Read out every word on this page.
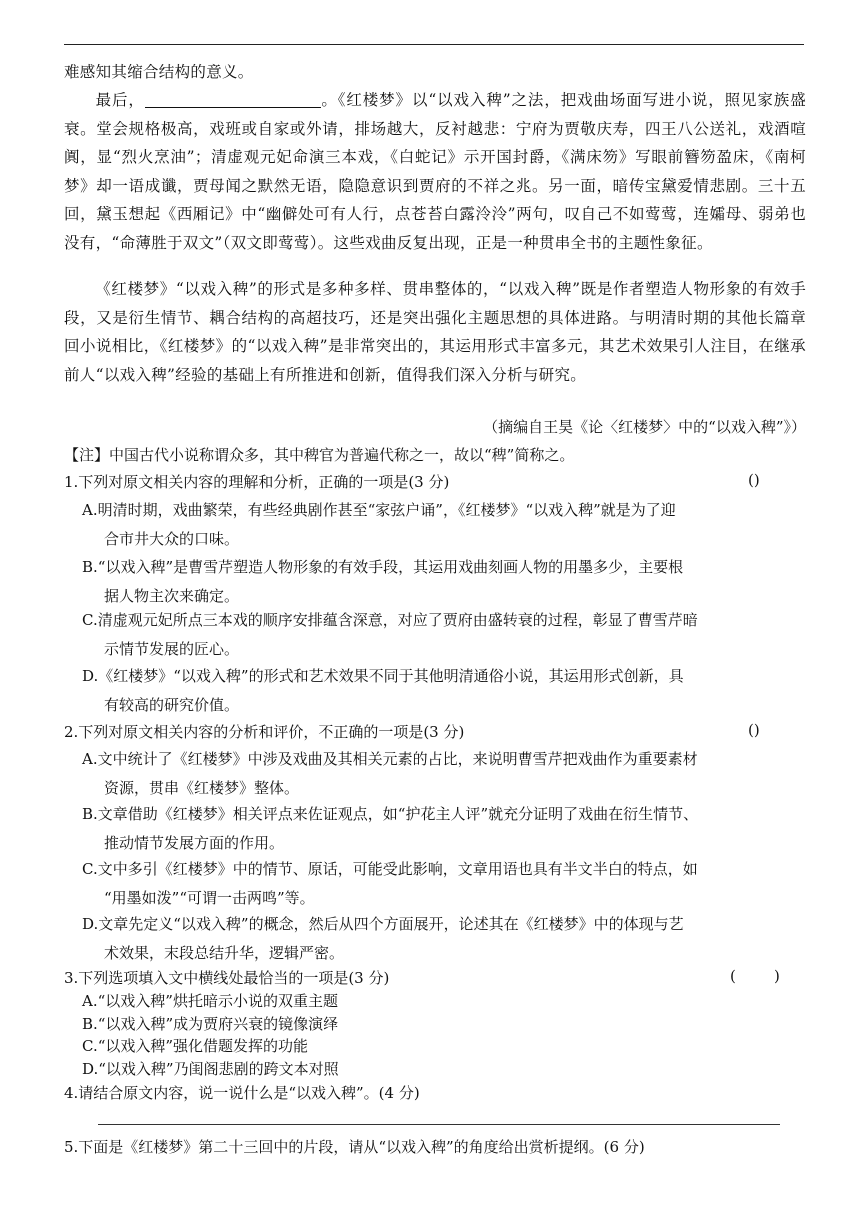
难感知其缩合结构的意义。
最后，	。《红楼梦》以“以戏入稗”之法，把戏曲场面写进小说，照见家族盛衰。堂会规格极高，戏班或自家或外请，排场越大，反衬越悲：宁府为贾敬庆寿，四王八公送礼，戏酒喧阗，显“烈火烹油”；清虚观元妃命演三本戏，《白蛇记》示开国封爵，《满床笏》写眼前簪笏盈床，《南柯梦》却一语成谶，贾母闻之默然无语，隐隐意识到贾府的不祥之兆。另一面，暗传宝黛爱情悲剧。三十五回，黛玉想起《西厢记》中“幽僻处可有人行，点苍苔白露泠泠”两句，叹自己不如莺莺，连孀母、弱弟也没有，“命薄胜于双文”（双文即莺莺）。这些戏曲反复出现，正是一种贯串全书的主题性象征。
《红楼梦》“以戏入稗”的形式是多种多样、贯串整体的，“以戏入稗”既是作者塑造人物形象的有效手段，又是衍生情节、耦合结构的高超技巧，还是突出强化主题思想的具体进路。与明清时期的其他长篇章回小说相比，《红楼梦》的“以戏入稗”是非常突出的，其运用形式丰富多元，其艺术效果引人注目，在继承前人“以戏入稗”经验的基础上有所推进和创新，值得我们深入分析与研究。
（摘编自王昊《论〈红楼梦〉中的“以戏入稗”》）
【注】中国古代小说称谓众多，其中稗官为普遍代称之一，故以“稗”简称之。
1.下列对原文相关内容的理解和分析，正确的一项是(3 分)	()
A.明清时期，戏曲繁荣，有些经典剧作甚至“家弦户诵”，《红楼梦》“以戏入稗”就是为了迎
合市井大众的口味。
B.“以戏入稗”是曹雪芹塑造人物形象的有效手段，其运用戏曲刻画人物的用墨多少，主要根
据人物主次来确定。
C.清虚观元妃所点三本戏的顺序安排蕴含深意，对应了贾府由盛转衰的过程，彰显了曹雪芹暗
示情节发展的匠心。
D.《红楼梦》“以戏入稗”的形式和艺术效果不同于其他明清通俗小说，其运用形式创新，具
有较高的研究价值。
2.下列对原文相关内容的分析和评价，不正确的一项是(3 分)	()
A.文中统计了《红楼梦》中涉及戏曲及其相关元素的占比，来说明曹雪芹把戏曲作为重要素材
资源，贯串《红楼梦》整体。
B.文章借助《红楼梦》相关评点来佐证观点，如“护花主人评”就充分证明了戏曲在衍生情节、
推动情节发展方面的作用。
C.文中多引《红楼梦》中的情节、原话，可能受此影响，文章用语也具有半文半白的特点，如
“用墨如泼”“可谓一击两鸣”等。
D.文章先定义“以戏入稗”的概念，然后从四个方面展开，论述其在《红楼梦》中的体现与艺
术效果，末段总结升华，逻辑严密。
3.下列选项填入文中横线处最恰当的一项是(3 分)	(        )
A.“以戏入稗”烘托暗示小说的双重主题
B.“以戏入稗”成为贾府兴衰的镜像演绎
C.“以戏入稗”强化借题发挥的功能
D.“以戏入稗”乃闺阁悲剧的跨文本对照
4.请结合原文内容，说一说什么是“以戏入稗”。(4 分)
5.下面是《红楼梦》第二十三回中的片段，请从“以戏入稗”的角度给出赏析提纲。(6 分)
